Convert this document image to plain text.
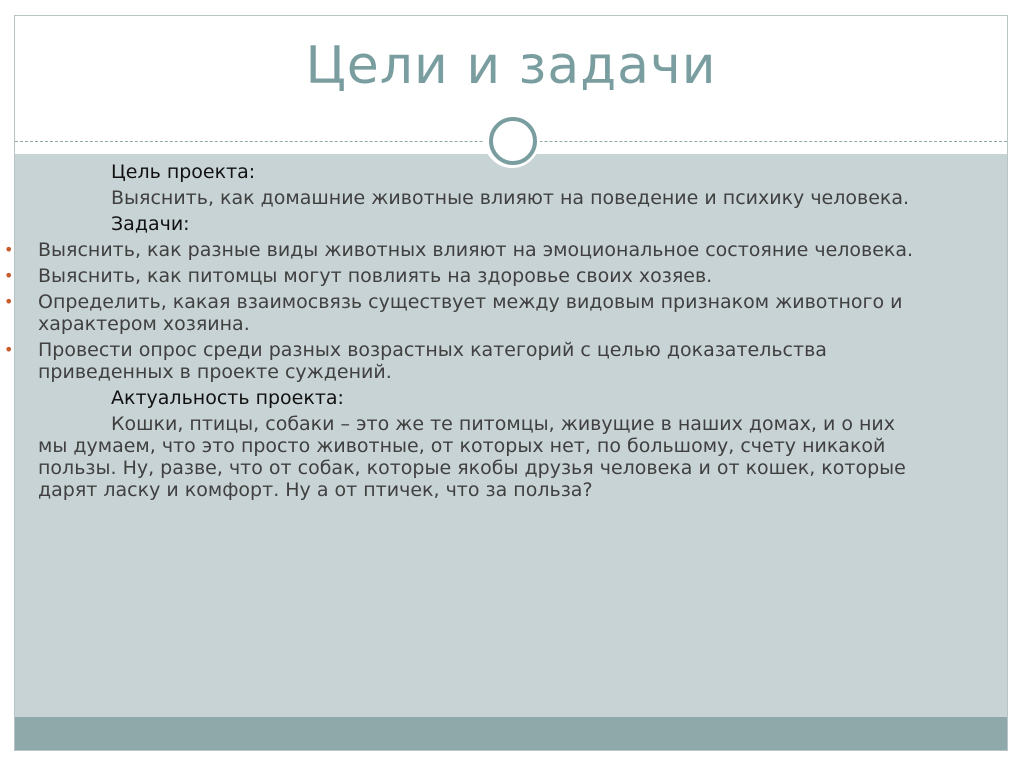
Цели и задачи
Цель проекта:

Выяснить, как домашние животные влияют на поведение и психику человека.

Задачи:
• Выяснить, как разные виды животных влияют на эмоциональное состояние человека.
• Выяснить, как питомцы могут повлиять на здоровье своих хозяев.
• Определить, какая взаимосвязь существует между видовым признаком животного и характером хозяина.
• Провести опрос среди разных возрастных категорий с целью доказательства приведенных в проекте суждений.
Актуальность проекта:

Кошки, птицы, собаки – это же те питомцы, живущие в наших домах, и о них мы думаем, что это просто животные, от которых нет, по большому, счету никакой пользы. Ну, разве, что от собак, которые якобы друзья человека и от кошек, которые дарят ласку и комфорт. Ну а от птичек, что за польза?
